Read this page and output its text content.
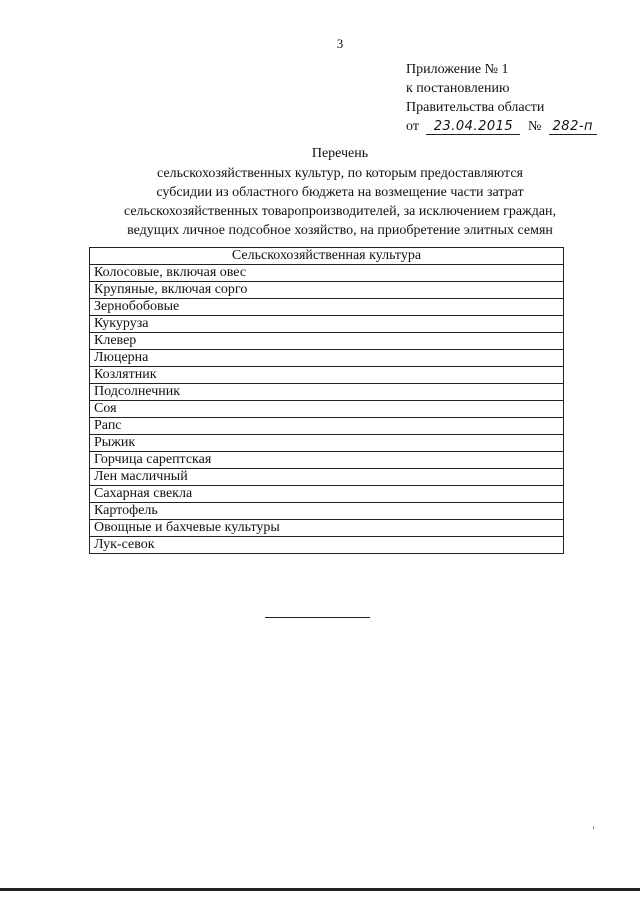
3
Приложение № 1
к постановлению
Правительства области
от 23.04.2015 № 282-п
Перечень
сельскохозяйственных культур, по которым предоставляются
субсидии из областного бюджета на возмещение части затрат
сельскохозяйственных товаропроизводителей, за исключением граждан,
ведущих личное подсобное хозяйство, на приобретение элитных семян
Сельскохозяйственная культура
Колосовые, включая овес
Крупяные, включая сорго
Зернобобовые
Кукуруза
Клевер
Люцерна
Козлятник
Подсолнечник
Соя
Рапс
Рыжик
Горчица сарептская
Лен масличный
Сахарная свекла
Картофель
Овощные и бахчевые культуры
Лук-севок
